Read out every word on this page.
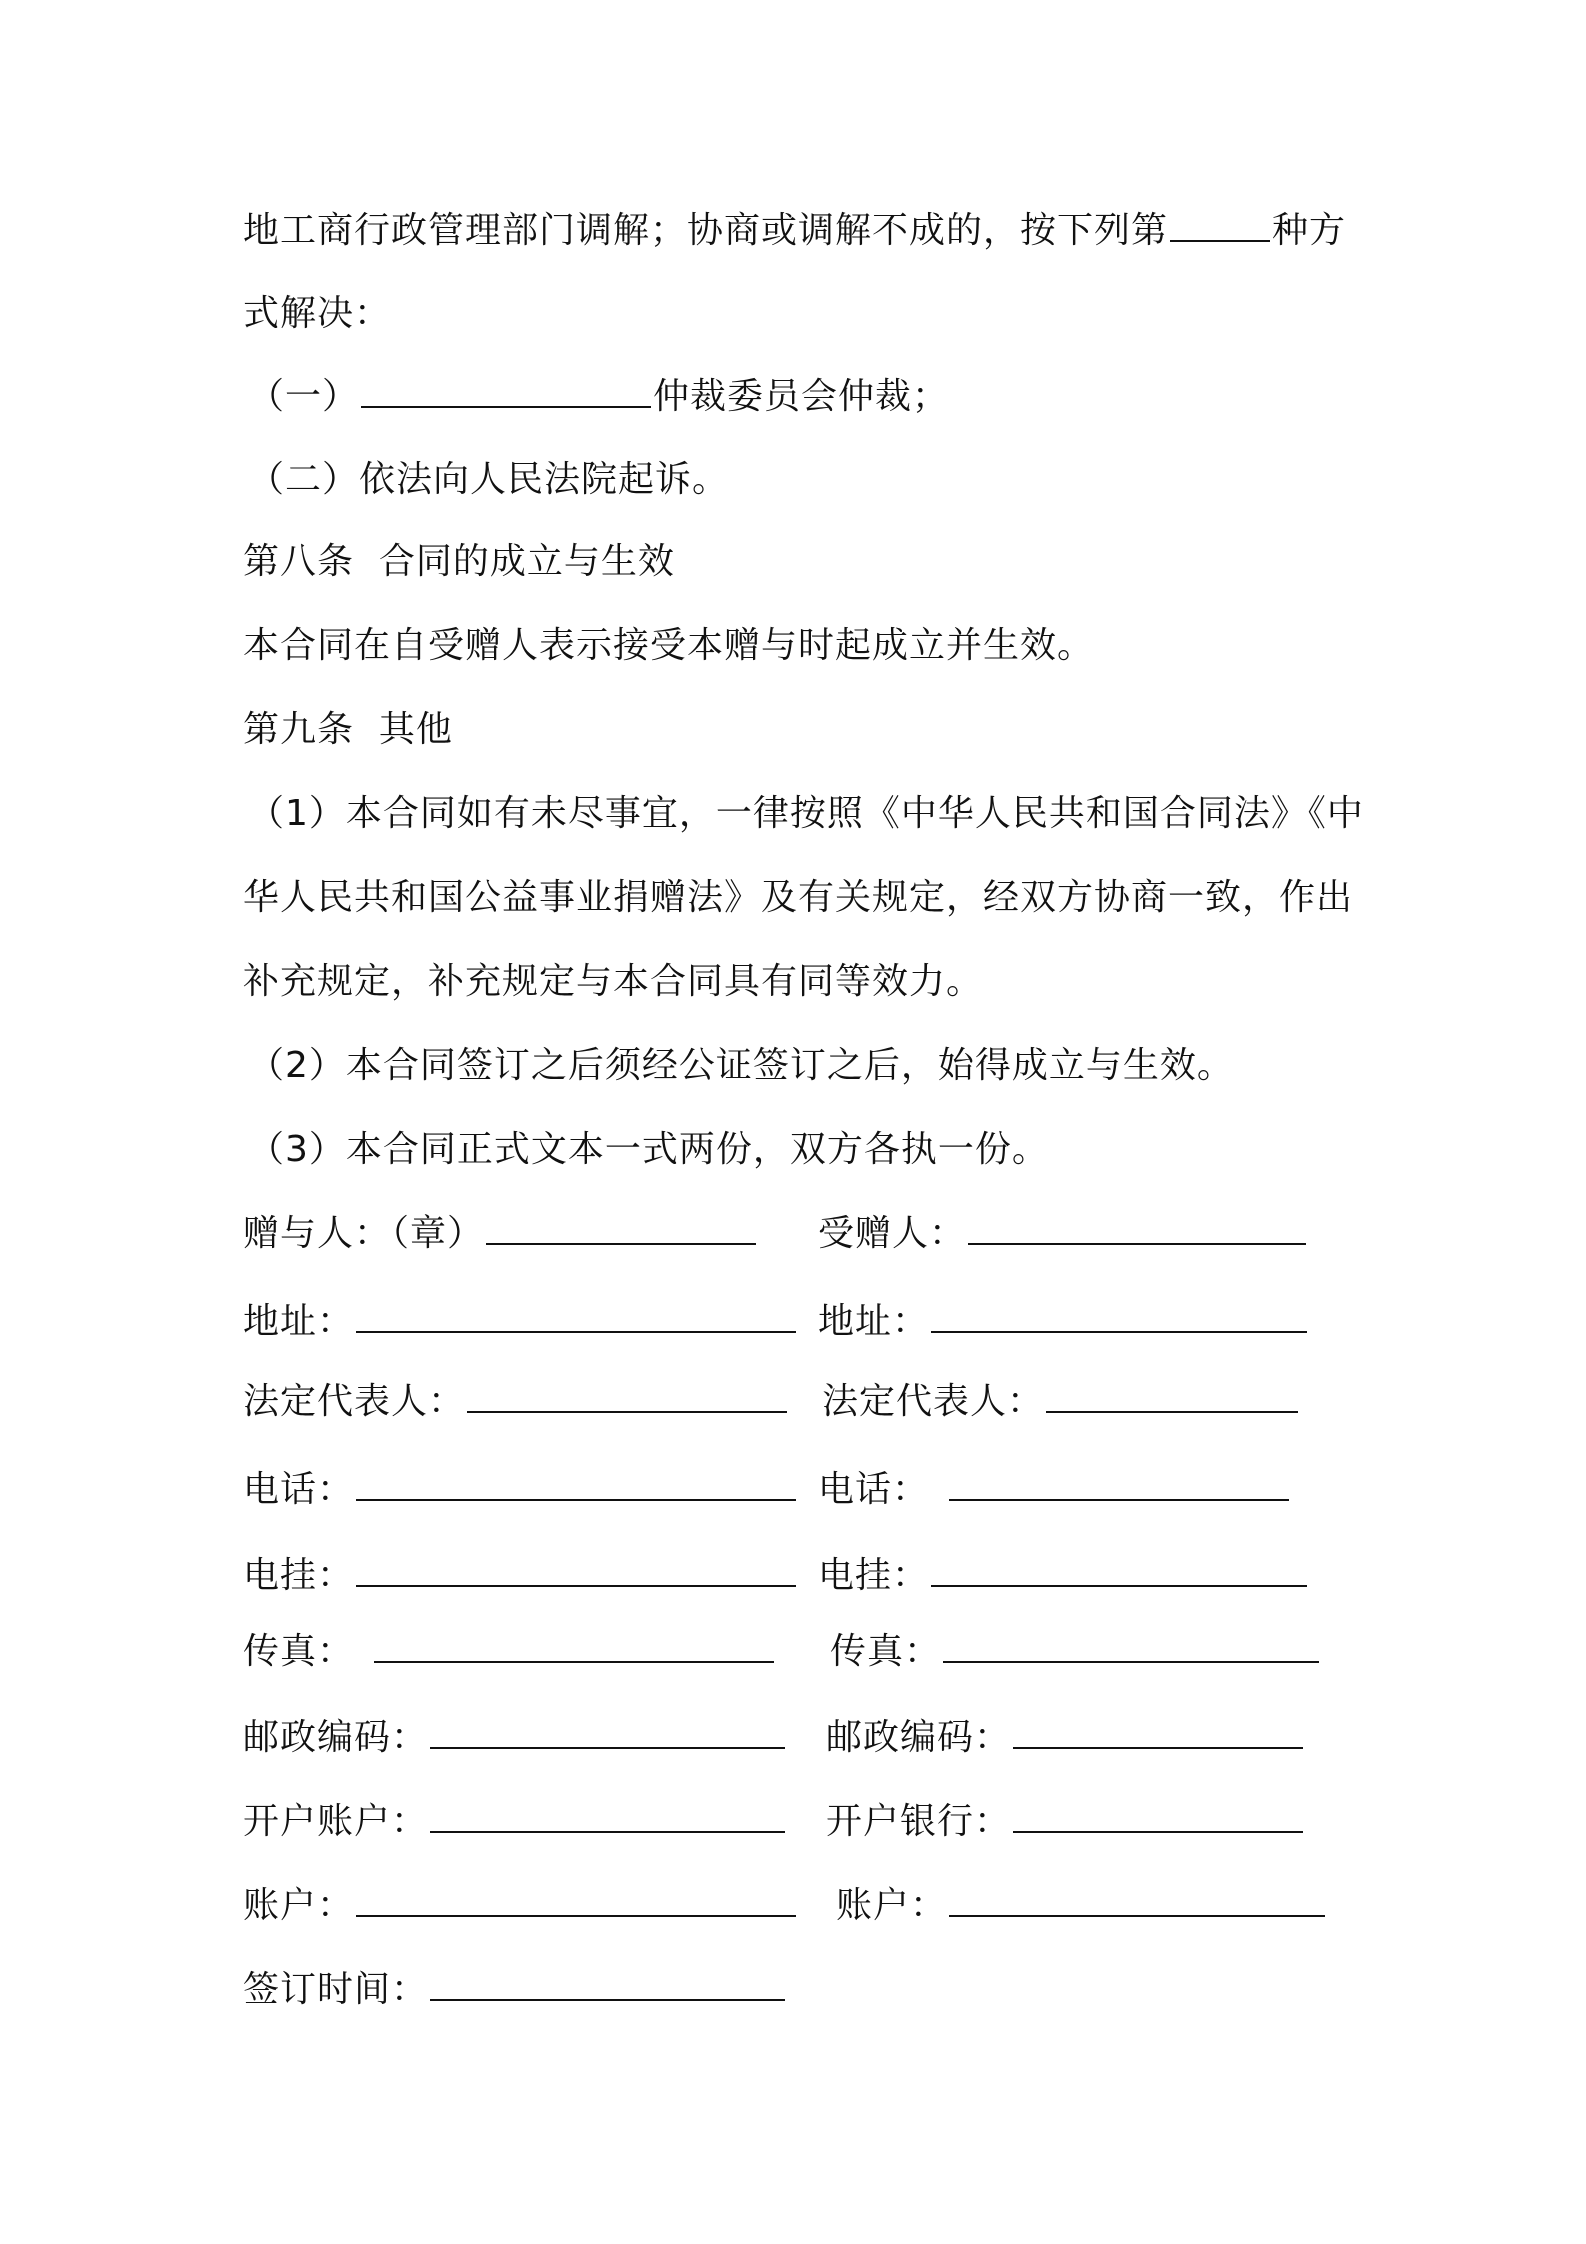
地工商行政管理部门调解；协商或调解不成的，按下列第	种方
式解决：
（一）	仲裁委员会仲裁；
（二）依法向人民法院起诉。
第八条  合同的成立与生效
本合同在自受赠人表示接受本赠与时起成立并生效。
第九条  其他
（1）本合同如有未尽事宜，一律按照《中华人民共和国合同法》《中
华人民共和国公益事业捐赠法》及有关规定，经双方协商一致，作出
补充规定，补充规定与本合同具有同等效力。
（2）本合同签订之后须经公证签订之后，始得成立与生效。
（3）本合同正式文本一式两份，双方各执一份。
赠与人：（章）
地址：
法定代表人：
电话：
电挂：
传真：
邮政编码：
开户账户：
账户：
签订时间：
受赠人：
地址：
法定代表人：
电话：
电挂：
传真：
邮政编码：
开户银行：
账户：
